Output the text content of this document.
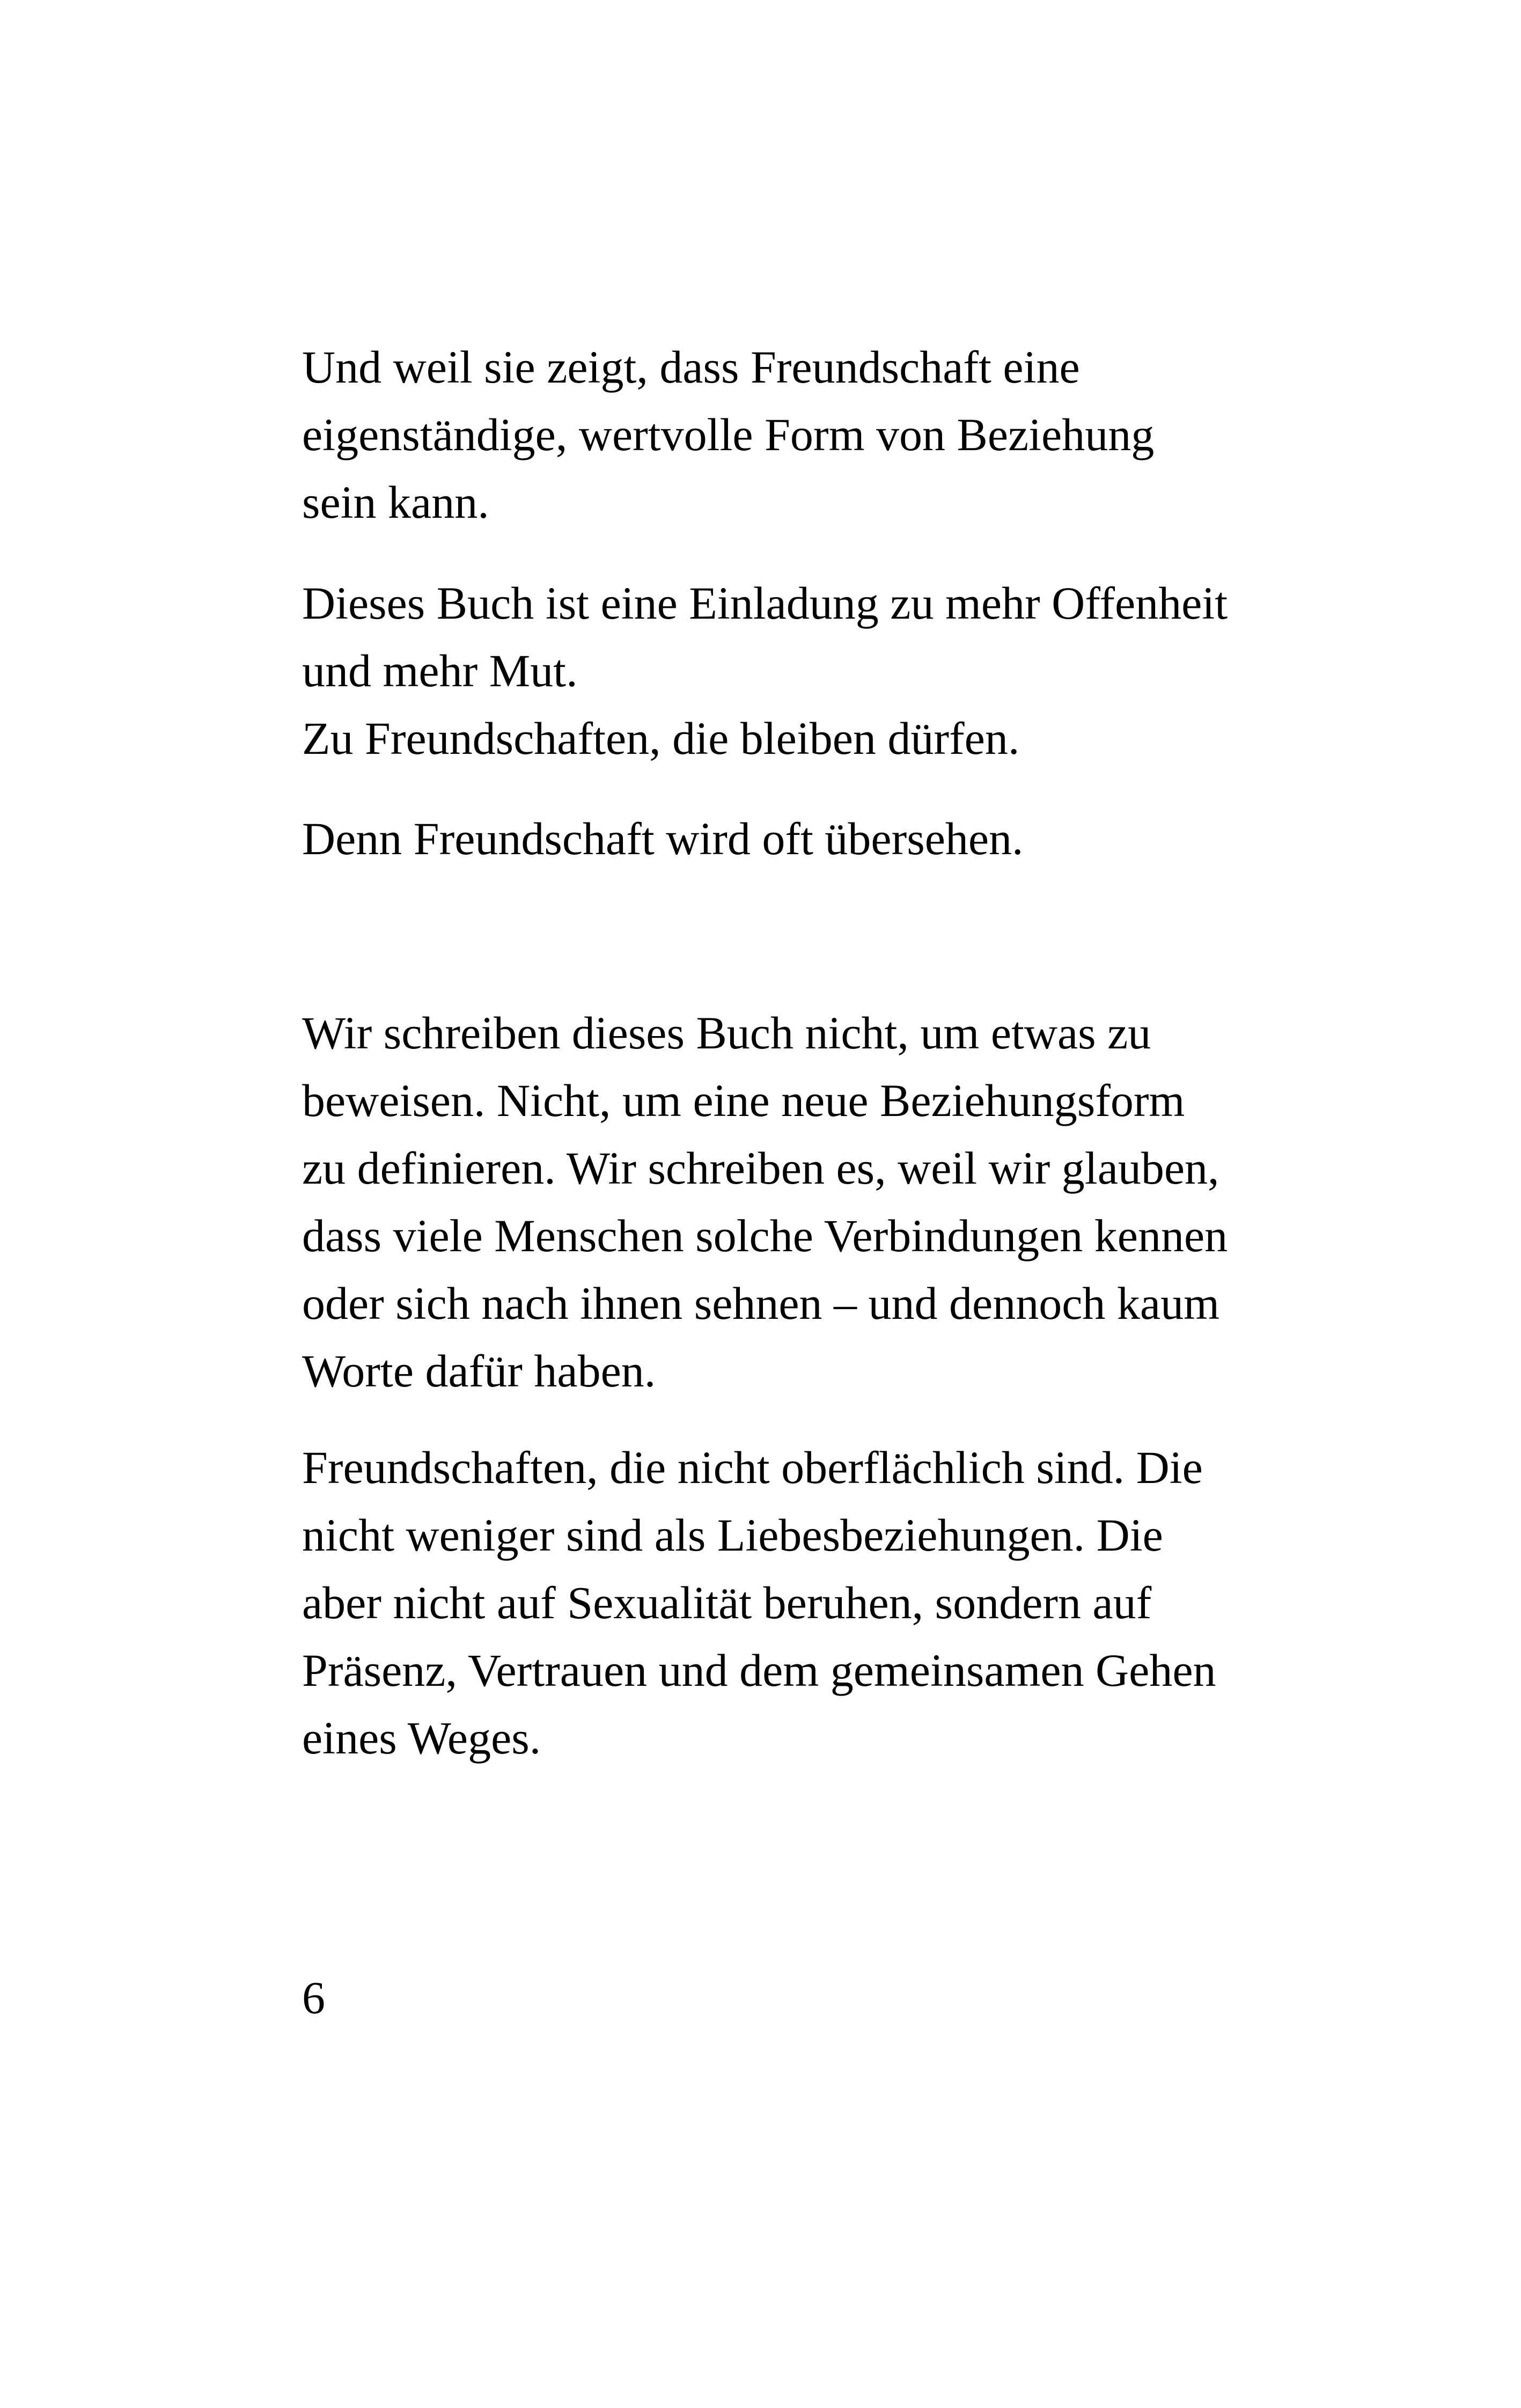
Und weil sie zeigt, dass Freundschaft eine
eigenständige, wertvolle Form von Beziehung
sein kann.

Dieses Buch ist eine Einladung zu mehr Offenheit
und mehr Mut.
Zu Freundschaften, die bleiben dürfen.

Denn Freundschaft wird oft übersehen.

Wir schreiben dieses Buch nicht, um etwas zu
beweisen. Nicht, um eine neue Beziehungsform
zu definieren. Wir schreiben es, weil wir glauben,
dass viele Menschen solche Verbindungen kennen
oder sich nach ihnen sehnen – und dennoch kaum
Worte dafür haben.

Freundschaften, die nicht oberflächlich sind. Die
nicht weniger sind als Liebesbeziehungen. Die
aber nicht auf Sexualität beruhen, sondern auf
Präsenz, Vertrauen und dem gemeinsamen Gehen
eines Weges.

6
